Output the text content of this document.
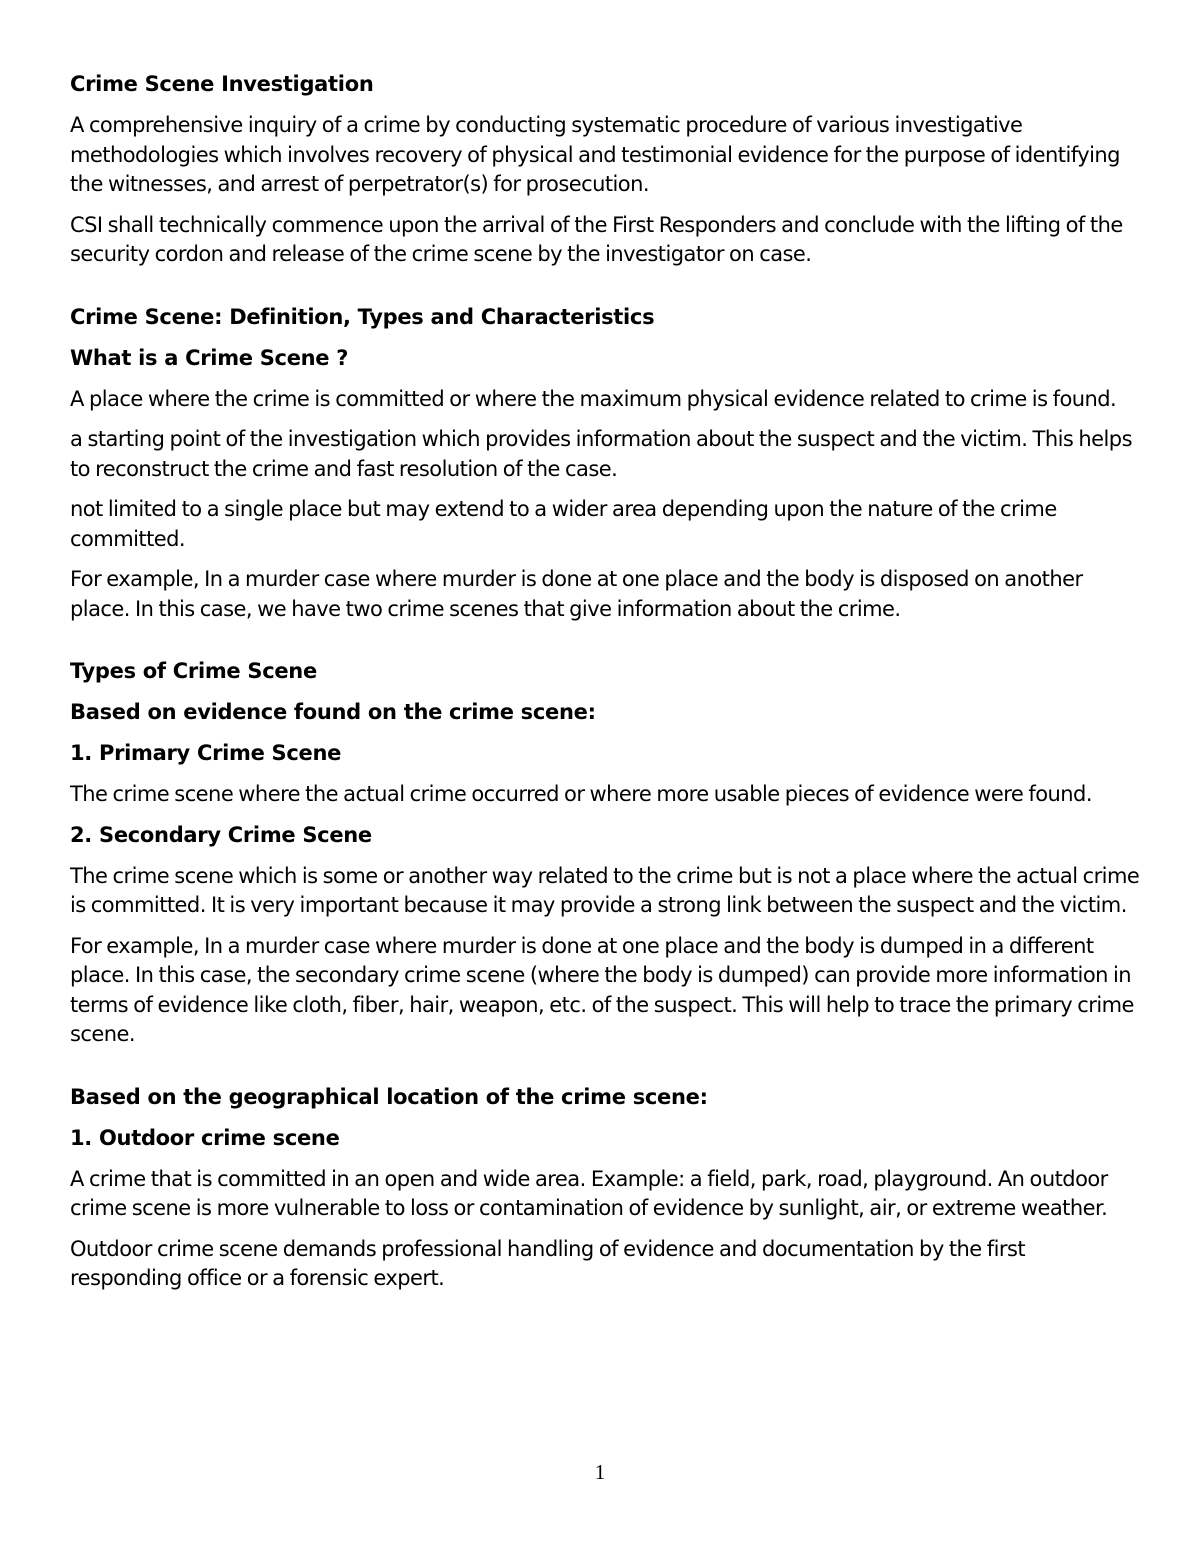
Crime Scene Investigation
A comprehensive inquiry of a crime by conducting systematic procedure of various investigative methodologies which involves recovery of physical and testimonial evidence for the purpose of identifying the witnesses, and arrest of perpetrator(s) for prosecution.
CSI shall technically commence upon the arrival of the First Responders and conclude with the lifting of the security cordon and release of the crime scene by the investigator on case.
Crime Scene: Definition, Types and Characteristics
What is a Crime Scene ?
A place where the crime is committed or where the maximum physical evidence related to crime is found.
a starting point of the investigation which provides information about the suspect and the victim. This helps to reconstruct the crime and fast resolution of the case.
not limited to a single place but may extend to a wider area depending upon the nature of the crime committed.
For example, In a murder case where murder is done at one place and the body is disposed on another place. In this case, we have two crime scenes that give information about the crime.
Types of Crime Scene
Based on evidence found on the crime scene:
1. Primary Crime Scene
The crime scene where the actual crime occurred or where more usable pieces of evidence were found.
2. Secondary Crime Scene
The crime scene which is some or another way related to the crime but is not a place where the actual crime is committed. It is very important because it may provide a strong link between the suspect and the victim.
For example, In a murder case where murder is done at one place and the body is dumped in a different place. In this case, the secondary crime scene (where the body is dumped) can provide more information in terms of evidence like cloth, fiber, hair, weapon, etc. of the suspect. This will help to trace the primary crime scene.
Based on the geographical location of the crime scene:
1. Outdoor crime scene
A crime that is committed in an open and wide area. Example: a field, park, road, playground. An outdoor crime scene is more vulnerable to loss or contamination of evidence by sunlight, air, or extreme weather.
Outdoor crime scene demands professional handling of evidence and documentation by the first responding office or a forensic expert.
1
